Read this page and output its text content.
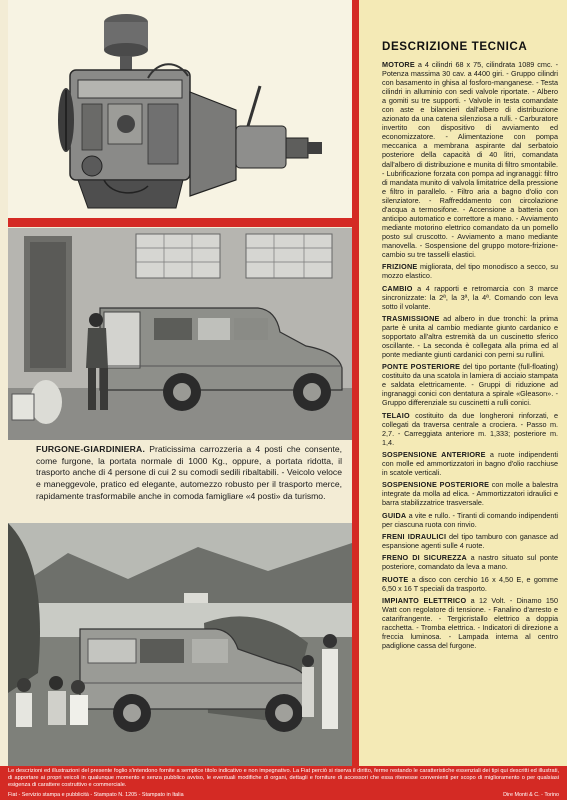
FURGONE-GIARDINIERA. Praticissima carrozzeria a 4 posti che consente, come furgone, la portata normale di 1000 Kg., oppure, a portata ridotta, il trasporto anche di 4 persone di cui 2 su comodi sedili ribaltabili. - Veicolo veloce e maneggevole, pratico ed elegante, automezzo robusto per il trasporto merce, rapidamente trasformabile anche in comoda famigliare «4 posti» da turismo.
DESCRIZIONE TECNICA

MOTORE a 4 cilindri 68 x 75, cilindrata 1089 cmc. - Potenza massima 30 cav. a 4400 giri. - Gruppo cilindri con basamento in ghisa al fosforo-manganese. - Testa cilindri in alluminio con sedi valvole riportate. - Albero a gomiti su tre supporti. - Valvole in testa comandate con aste e bilancieri dall'albero di distribuzione azionato da una catena silenziosa a rulli. - Carburatore invertito con dispositivo di avviamento ed economizzatore. - Alimentazione con pompa meccanica a membrana aspirante dal serbatoio posteriore della capacità di 40 litri, comandata dall'albero di distribuzione e munita di filtro smontabile. - Lubrificazione forzata con pompa ad ingranaggi: filtro di mandata munito di valvola limitatrice della pressione e filtro in parallelo. - Filtro aria a bagno d'olio con silenziatore. - Raffreddamento con circolazione d'acqua a termosifone. - Accensione a batteria con anticipo automatico e correttore a mano. - Avviamento mediante motorino elettrico comandato da un pomello posto sul cruscotto. - Avviamento a mano mediante manovella. - Sospensione del gruppo motore-frizione-cambio su tre tasselli elastici.

FRIZIONE migliorata, del tipo monodisco a secco, su mozzo elastico.

CAMBIO a 4 rapporti e retromarcia con 3 marce sincronizzate: la 2ª, la 3ª, la 4ª. Comando con leva sotto il volante.

TRASMISSIONE ad albero in due tronchi: la prima parte è unita al cambio mediante giunto cardanico e sopportato all'altra estremità da un cuscinetto sferico oscillante. - La seconda è collegata alla prima ed al ponte mediante giunti cardanici con perni su rullini.

PONTE POSTERIORE del tipo portante (full-floating) costituito da una scatola in lamiera di acciaio stampata e saldata elettricamente. - Gruppi di riduzione ad ingranaggi conici con dentatura a spirale «Gleason». - Gruppo differenziale su cuscinetti a rulli conici.

TELAIO costituito da due longheroni rinforzati, e collegati da traversa centrale a crociera. - Passo m. 2,7. - Carreggiata anteriore m. 1,333; posteriore m. 1,4.

SOSPENSIONE ANTERIORE a ruote indipendenti con molle ed ammortizzatori in bagno d'olio racchiuse in scatole verticali.

SOSPENSIONE POSTERIORE con molle a balestra integrate da molla ad elica. - Ammortizzatori idraulici e barra stabilizzatrice trasversale.

GUIDA a vite e rullo. - Tiranti di comando indipendenti per ciascuna ruota con rinvio.

FRENI IDRAULICI del tipo tamburo con ganasce ad espansione agenti sulle 4 ruote.

FRENO DI SICUREZZA a nastro situato sul ponte posteriore, comandato da leva a mano.

RUOTE a disco con cerchio 16 x 4,50 E, e gomme 6,50 x 16 T speciali da trasporto.

IMPIANTO ELETTRICO a 12 Volt. - Dinamo 150 Watt con regolatore di tensione. - Fanalino d'arresto e catarifrangente. - Tergicristallo elettrico a doppia racchetta. - Tromba elettrica. - Indicatori di direzione a freccia luminosa. - Lampada interna al centro padiglione cassa del furgone.

Le descrizioni ed illustrazioni del presente foglio s'intendono fornite a semplice titolo indicativo e non impegnativo. La Fiat perciò si riserva il diritto, ferme restando le caratteristiche essenziali dei tipi qui descritti ed illustrati, di apportare ai propri veicoli in qualunque momento e senza pubblico avviso, le eventuali modifiche di organi, dettagli e forniture di accessori che essa ritenesse convenienti per scopo di miglioramento o per qualsiasi esigenza di carattere costruttivo e commerciale.
Fiat - Servizio stampa e pubblicità - Stampato N. 1205 - Stampato in Italia	Dire Monti & C. - Torino
